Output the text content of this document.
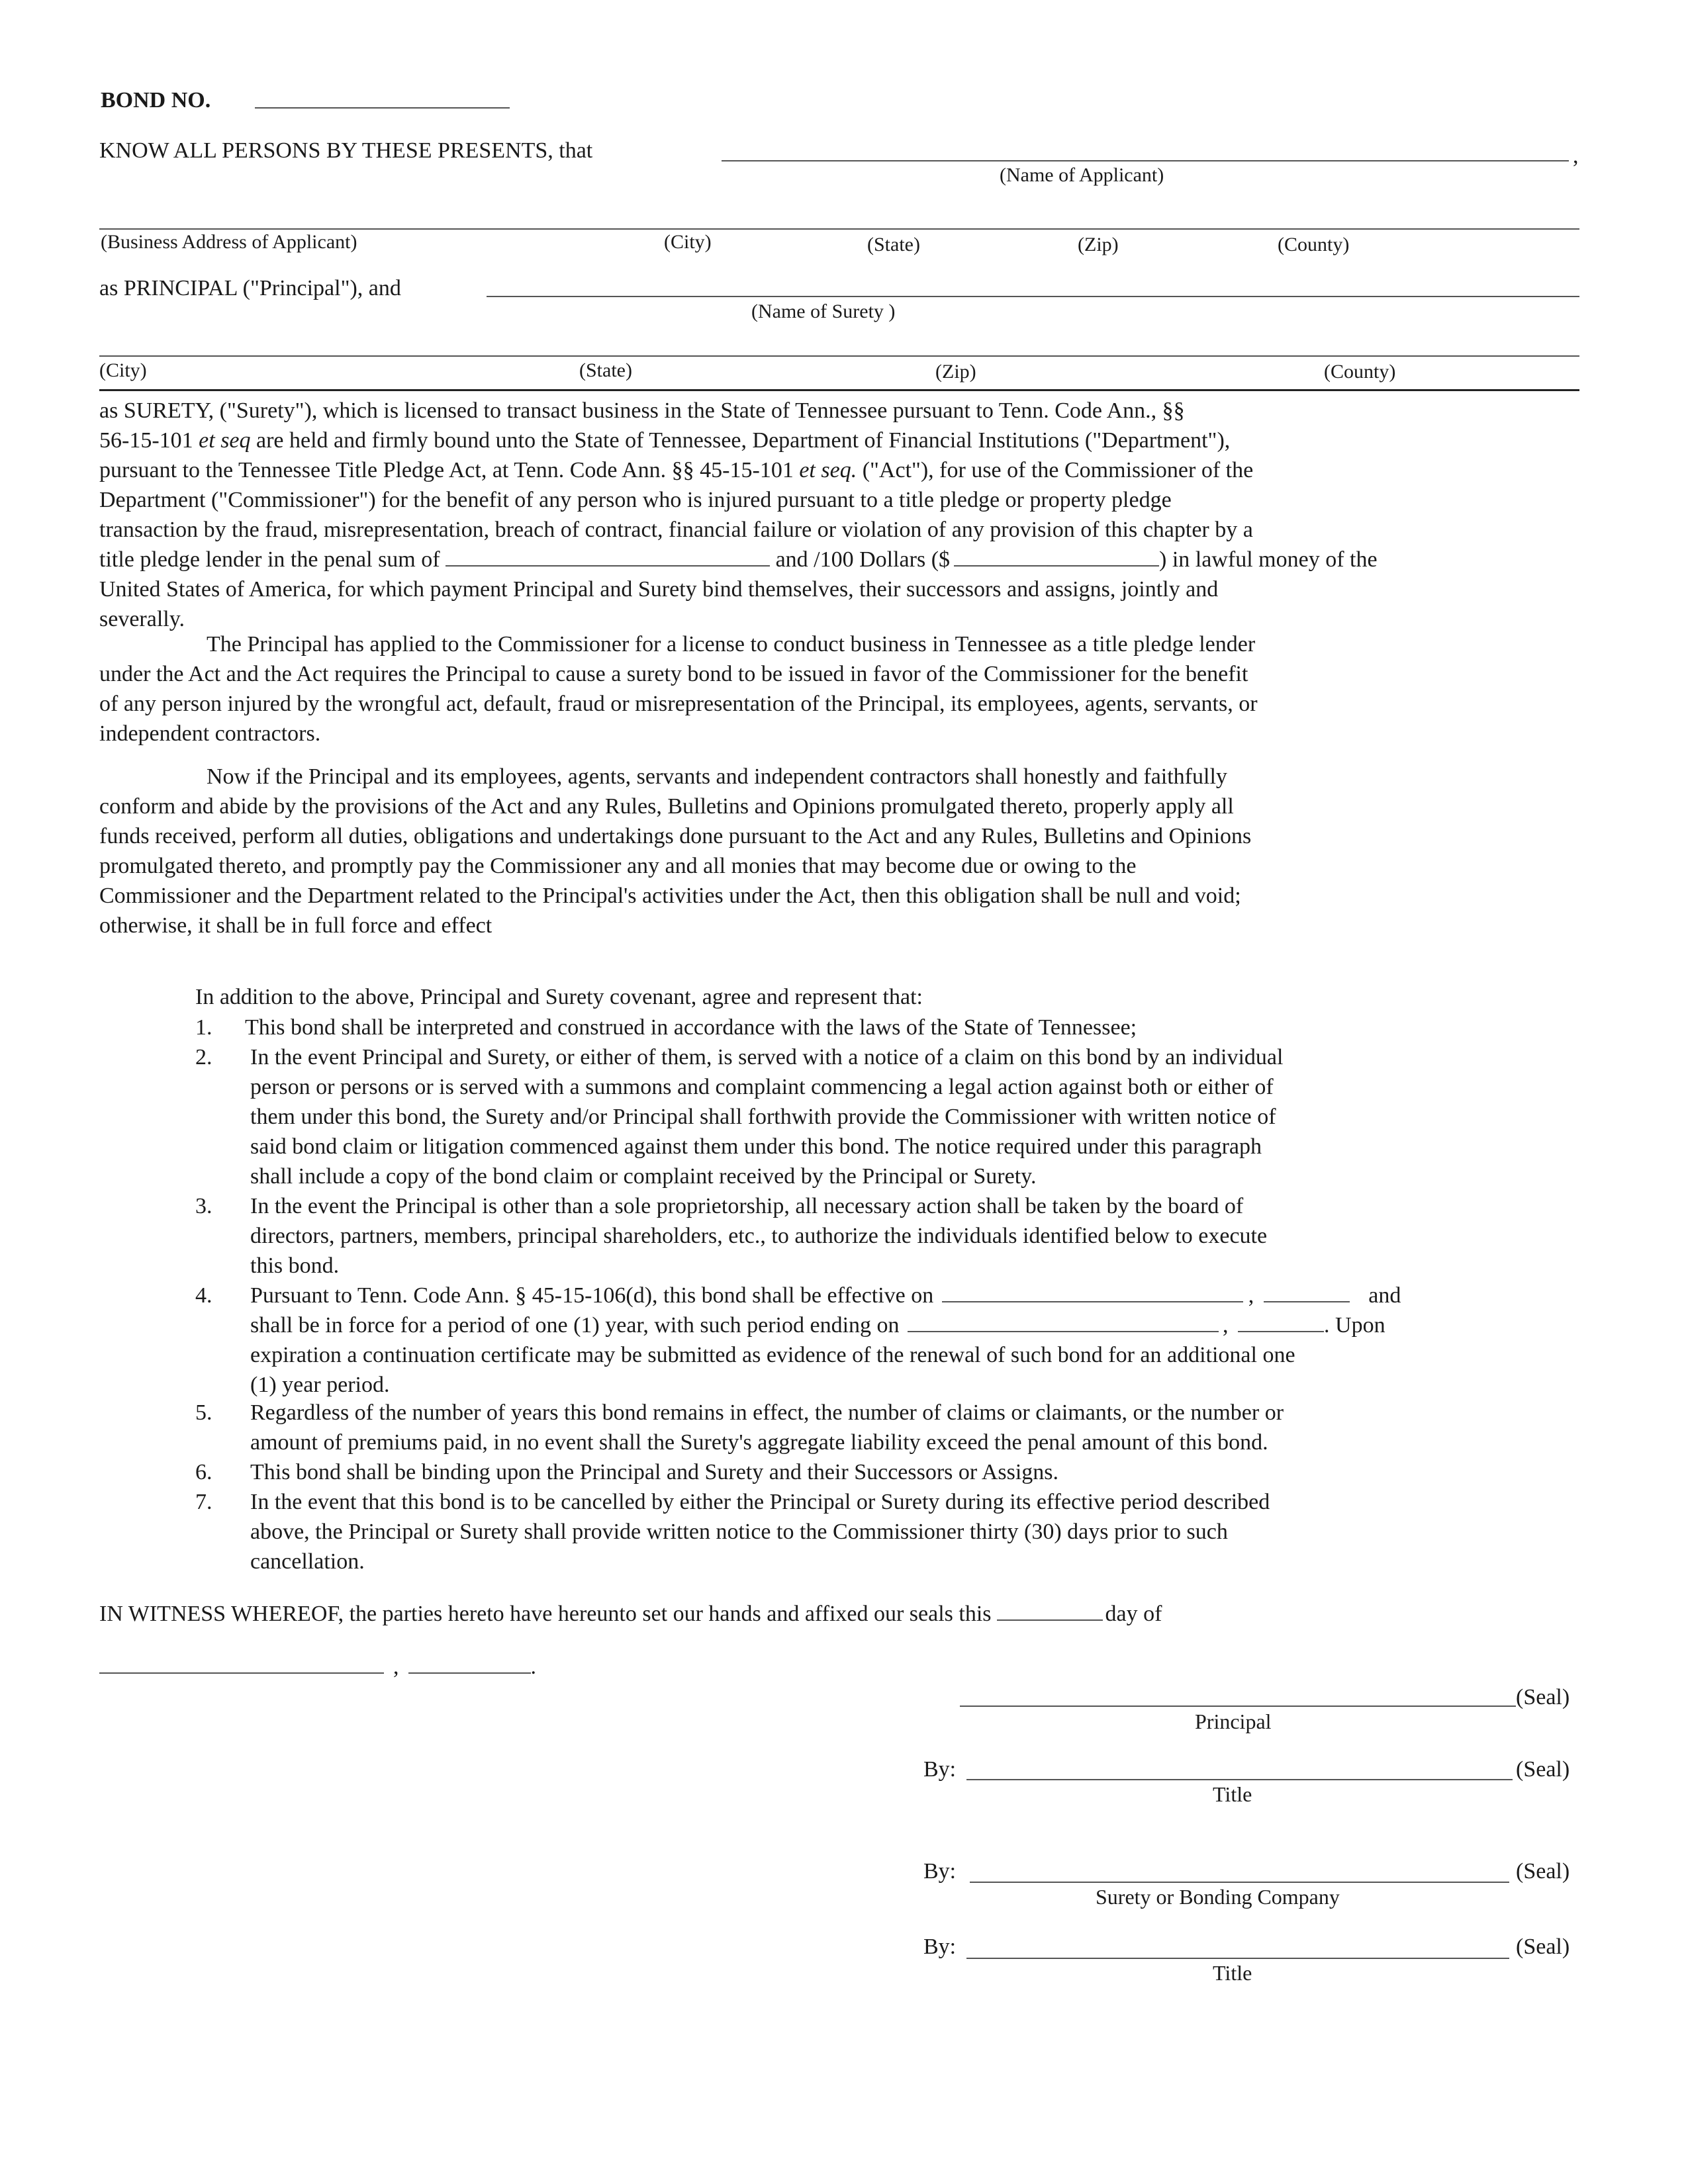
BOND NO.
KNOW ALL PERSONS BY THESE PRESENTS, that	,
(Name of Applicant)
(Business Address of Applicant)	(City)	(State)	(Zip)	(County)
as PRINCIPAL ("Principal"), and
(Name of Surety )
(City)	(State)	(Zip)	(County)
as SURETY, ("Surety"), which is licensed to transact business in the State of Tennessee pursuant to Tenn. Code Ann., §§
56-15-101 et seq are held and firmly bound unto the State of Tennessee, Department of Financial Institutions ("Department"),
pursuant to the Tennessee Title Pledge Act, at Tenn. Code Ann. §§ 45-15-101 et seq. ("Act"), for use of the Commissioner of the
Department ("Commissioner") for the benefit of any person who is injured pursuant to a title pledge or property pledge
transaction by the fraud, misrepresentation, breach of contract, financial failure or violation of any provision of this chapter by a
title pledge lender in the penal sum of	and /100 Dollars ($	) in lawful money of the
United States of America, for which payment Principal and Surety bind themselves, their successors and assigns, jointly and
severally.
The Principal has applied to the Commissioner for a license to conduct business in Tennessee as a title pledge lender
under the Act and the Act requires the Principal to cause a surety bond to be issued in favor of the Commissioner for the benefit
of any person injured by the wrongful act, default, fraud or misrepresentation of the Principal, its employees, agents, servants, or
independent contractors.
Now if the Principal and its employees, agents, servants and independent contractors shall honestly and faithfully
conform and abide by the provisions of the Act and any Rules, Bulletins and Opinions promulgated thereto, properly apply all
funds received, perform all duties, obligations and undertakings done pursuant to the Act and any Rules, Bulletins and Opinions
promulgated thereto, and promptly pay the Commissioner any and all monies that may become due or owing to the
Commissioner and the Department related to the Principal's activities under the Act, then this obligation shall be null and void;
otherwise, it shall be in full force and effect
In addition to the above, Principal and Surety covenant, agree and represent that:
1. This bond shall be interpreted and construed in accordance with the laws of the State of Tennessee;
2. In the event Principal and Surety, or either of them, is served with a notice of a claim on this bond by an individual
person or persons or is served with a summons and complaint commencing a legal action against both or either of
them under this bond, the Surety and/or Principal shall forthwith provide the Commissioner with written notice of
said bond claim or litigation commenced against them under this bond. The notice required under this paragraph
shall include a copy of the bond claim or complaint received by the Principal or Surety.
3. In the event the Principal is other than a sole proprietorship, all necessary action shall be taken by the board of
directors, partners, members, principal shareholders, etc., to authorize the individuals identified below to execute
this bond.
4. Pursuant to Tenn. Code Ann. § 45-15-106(d), this bond shall be effective on	,	and
shall be in force for a period of one (1) year, with such period ending on	,	. Upon
expiration a continuation certificate may be submitted as evidence of the renewal of such bond for an additional one
(1) year period.
5. Regardless of the number of years this bond remains in effect, the number of claims or claimants, or the number or
amount of premiums paid, in no event shall the Surety's aggregate liability exceed the penal amount of this bond.
6. This bond shall be binding upon the Principal and Surety and their Successors or Assigns.
7. In the event that this bond is to be cancelled by either the Principal or Surety during its effective period described
above, the Principal or Surety shall provide written notice to the Commissioner thirty (30) days prior to such
cancellation.
IN WITNESS WHEREOF, the parties hereto have hereunto set our hands and affixed our seals this	day of
,	.
(Seal)
Principal
By:	(Seal)
Title
By:	(Seal)
Surety or Bonding Company
By:	(Seal)
Title
